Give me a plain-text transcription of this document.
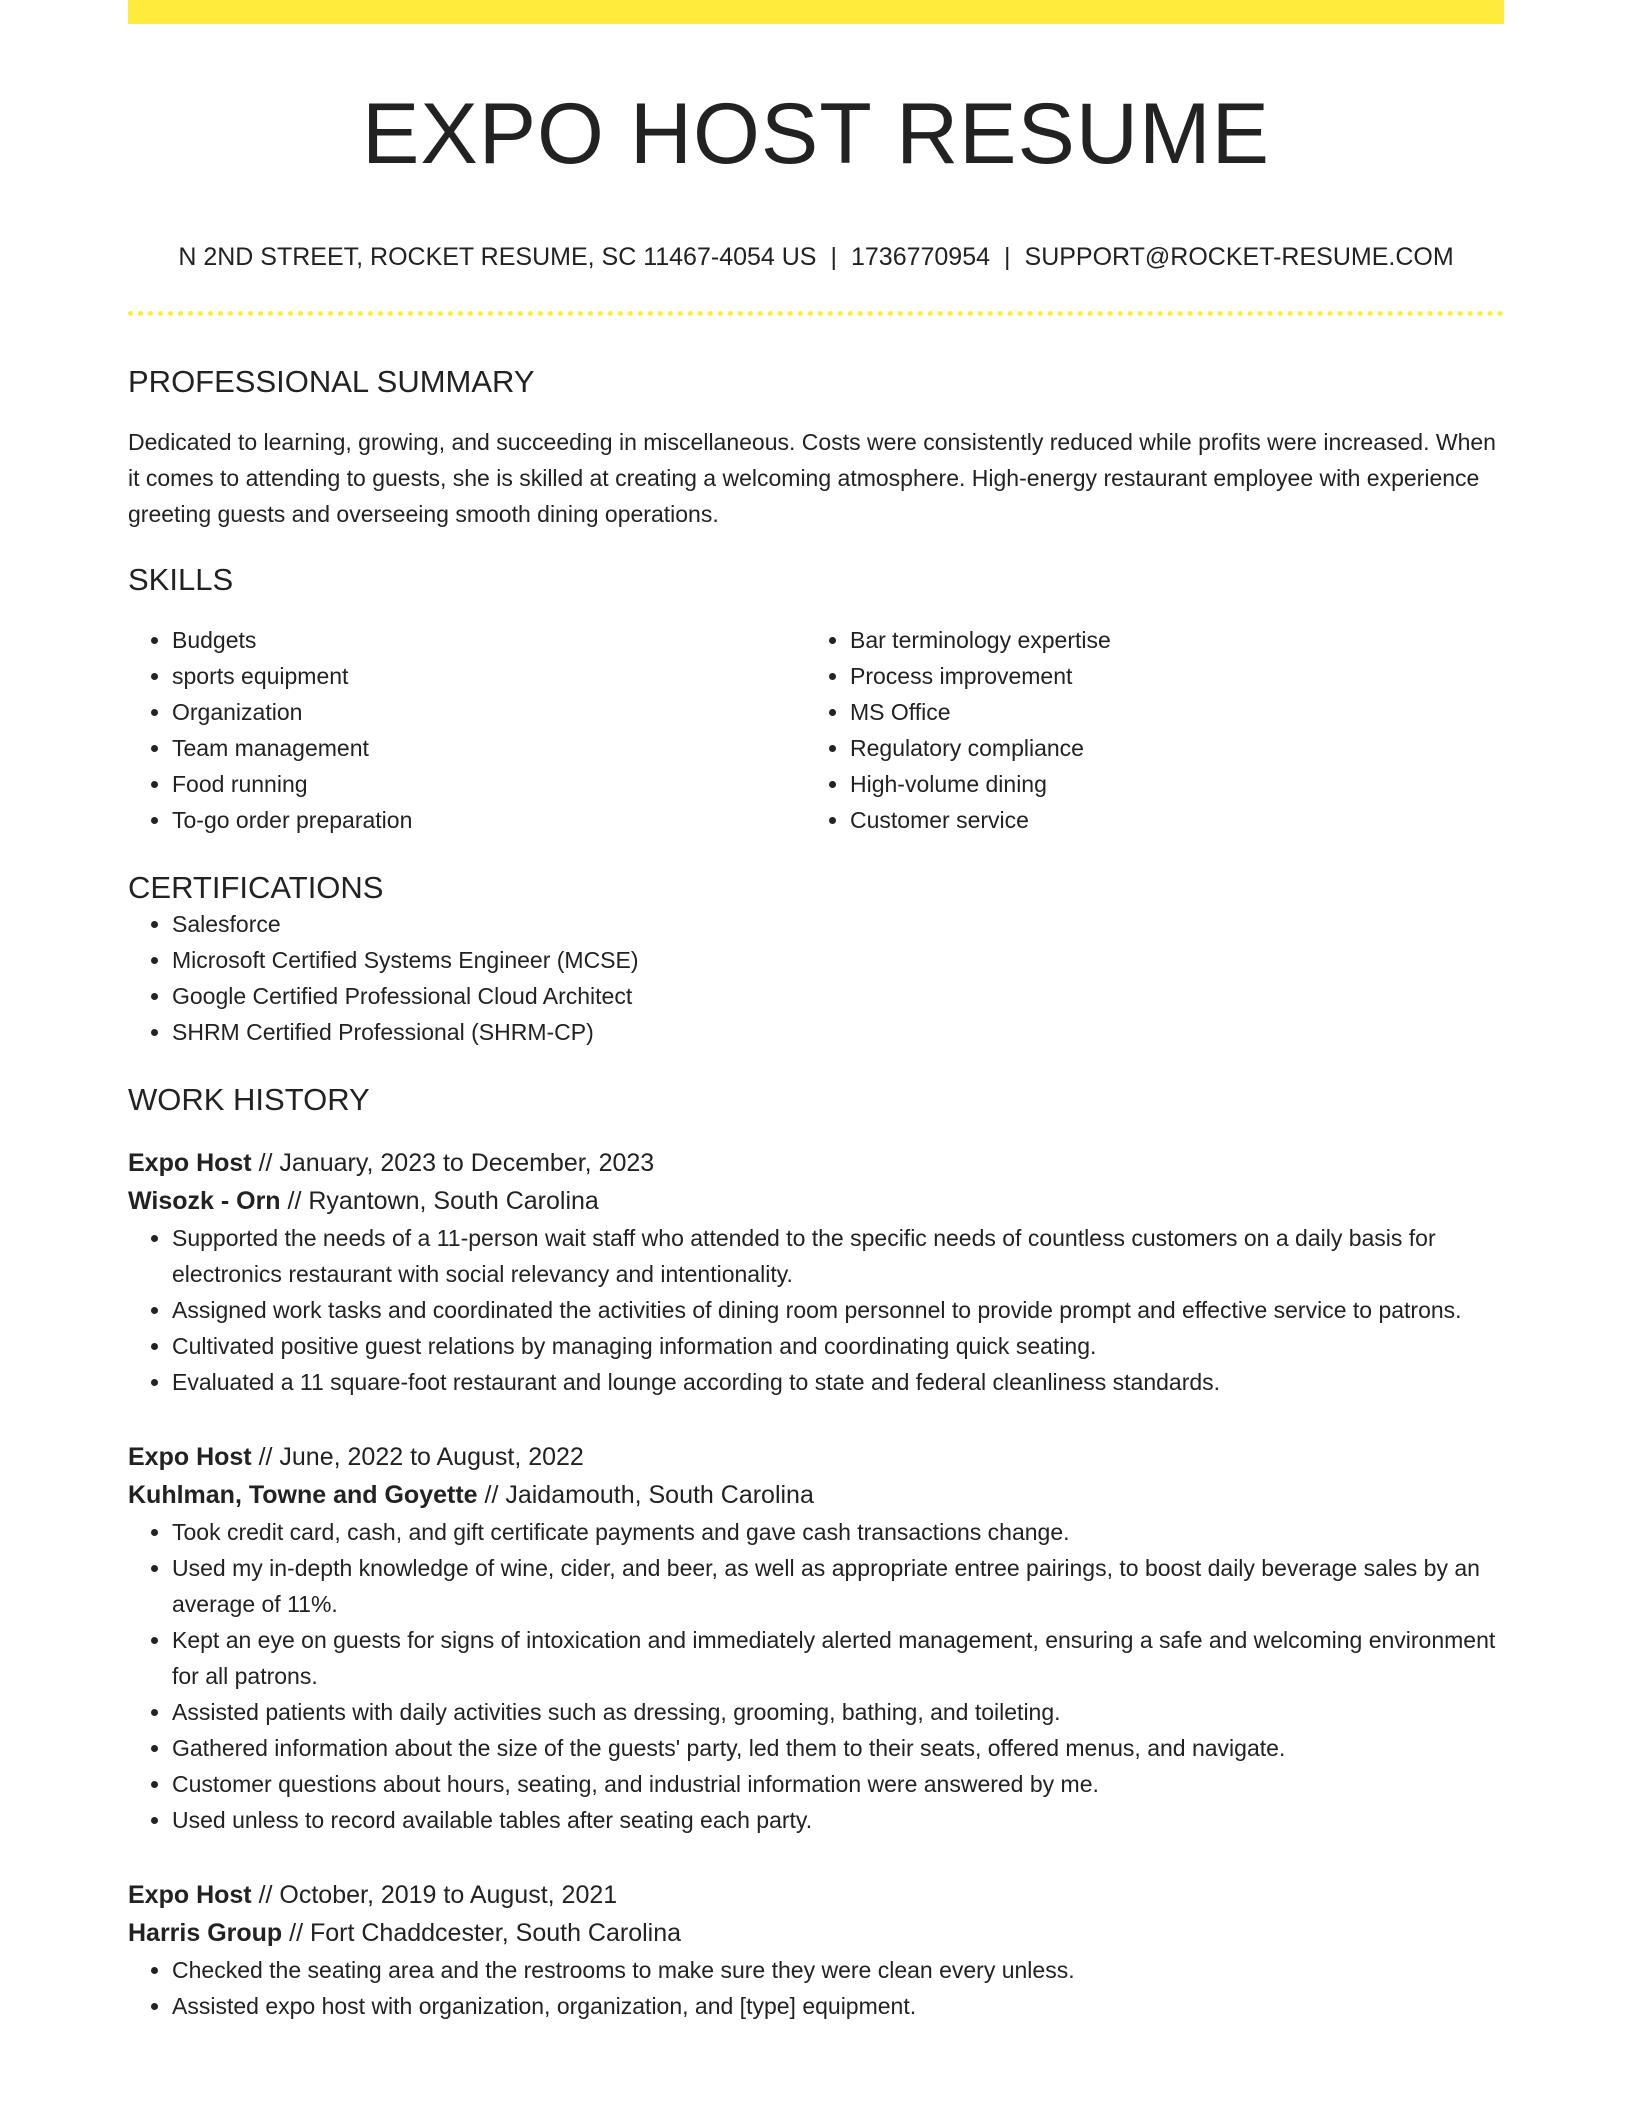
EXPO HOST RESUME
N 2ND STREET, ROCKET RESUME, SC 11467-4054 US | 1736770954 | SUPPORT@ROCKET-RESUME.COM
PROFESSIONAL SUMMARY

Dedicated to learning, growing, and succeeding in miscellaneous. Costs were consistently reduced while profits were increased. When it comes to attending to guests, she is skilled at creating a welcoming atmosphere. High-energy restaurant employee with experience greeting guests and overseeing smooth dining operations.

SKILLS
• Budgets
• sports equipment
• Organization
• Team management
• Food running
• To-go order preparation
• Bar terminology expertise
• Process improvement
• MS Office
• Regulatory compliance
• High-volume dining
• Customer service
CERTIFICATIONS
• Salesforce
• Microsoft Certified Systems Engineer (MCSE)
• Google Certified Professional Cloud Architect
• SHRM Certified Professional (SHRM-CP)
WORK HISTORY
Expo Host // January, 2023 to December, 2023
Wisozk - Orn // Ryantown, South Carolina
• Supported the needs of a 11-person wait staff who attended to the specific needs of countless customers on a daily basis for electronics restaurant with social relevancy and intentionality.
• Assigned work tasks and coordinated the activities of dining room personnel to provide prompt and effective service to patrons.
• Cultivated positive guest relations by managing information and coordinating quick seating.
• Evaluated a 11 square-foot restaurant and lounge according to state and federal cleanliness standards.
Expo Host // June, 2022 to August, 2022
Kuhlman, Towne and Goyette // Jaidamouth, South Carolina
• Took credit card, cash, and gift certificate payments and gave cash transactions change.
• Used my in-depth knowledge of wine, cider, and beer, as well as appropriate entree pairings, to boost daily beverage sales by an average of 11%.
• Kept an eye on guests for signs of intoxication and immediately alerted management, ensuring a safe and welcoming environment for all patrons.
• Assisted patients with daily activities such as dressing, grooming, bathing, and toileting.
• Gathered information about the size of the guests' party, led them to their seats, offered menus, and navigate.
• Customer questions about hours, seating, and industrial information were answered by me.
• Used unless to record available tables after seating each party.
Expo Host // October, 2019 to August, 2021
Harris Group // Fort Chaddcester, South Carolina
• Checked the seating area and the restrooms to make sure they were clean every unless.
• Assisted expo host with organization, organization, and [type] equipment.
